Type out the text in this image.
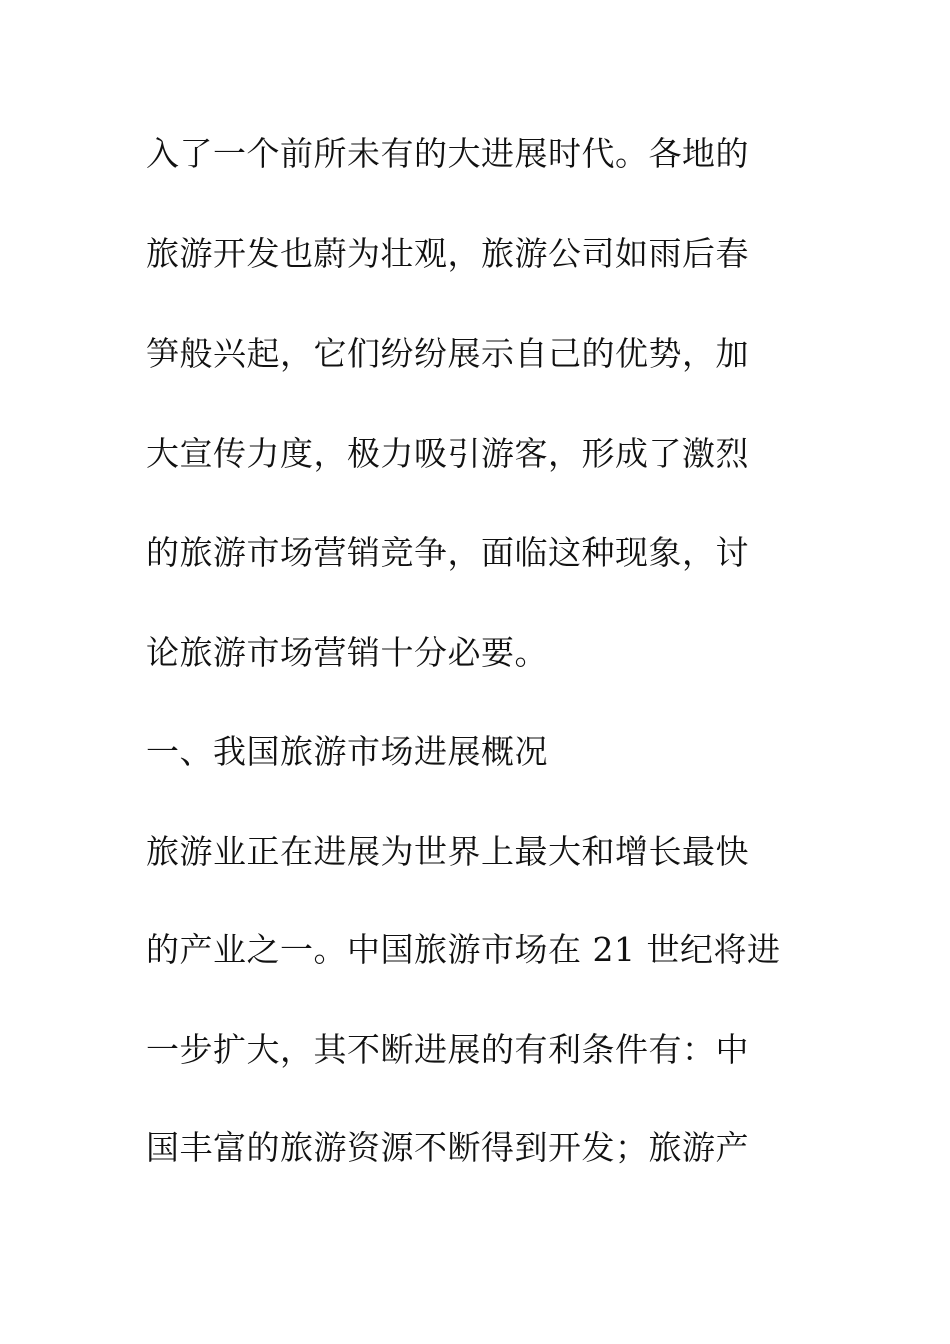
入了一个前所未有的大进展时代。各地的
旅游开发也蔚为壮观，旅游公司如雨后春
笋般兴起，它们纷纷展示自己的优势，加
大宣传力度，极力吸引游客，形成了激烈
的旅游市场营销竞争，面临这种现象，讨
论旅游市场营销十分必要。
一、我国旅游市场进展概况
旅游业正在进展为世界上最大和增长最快
的产业之一。中国旅游市场在 21 世纪将进
一步扩大，其不断进展的有利条件有：中
国丰富的旅游资源不断得到开发；旅游产
